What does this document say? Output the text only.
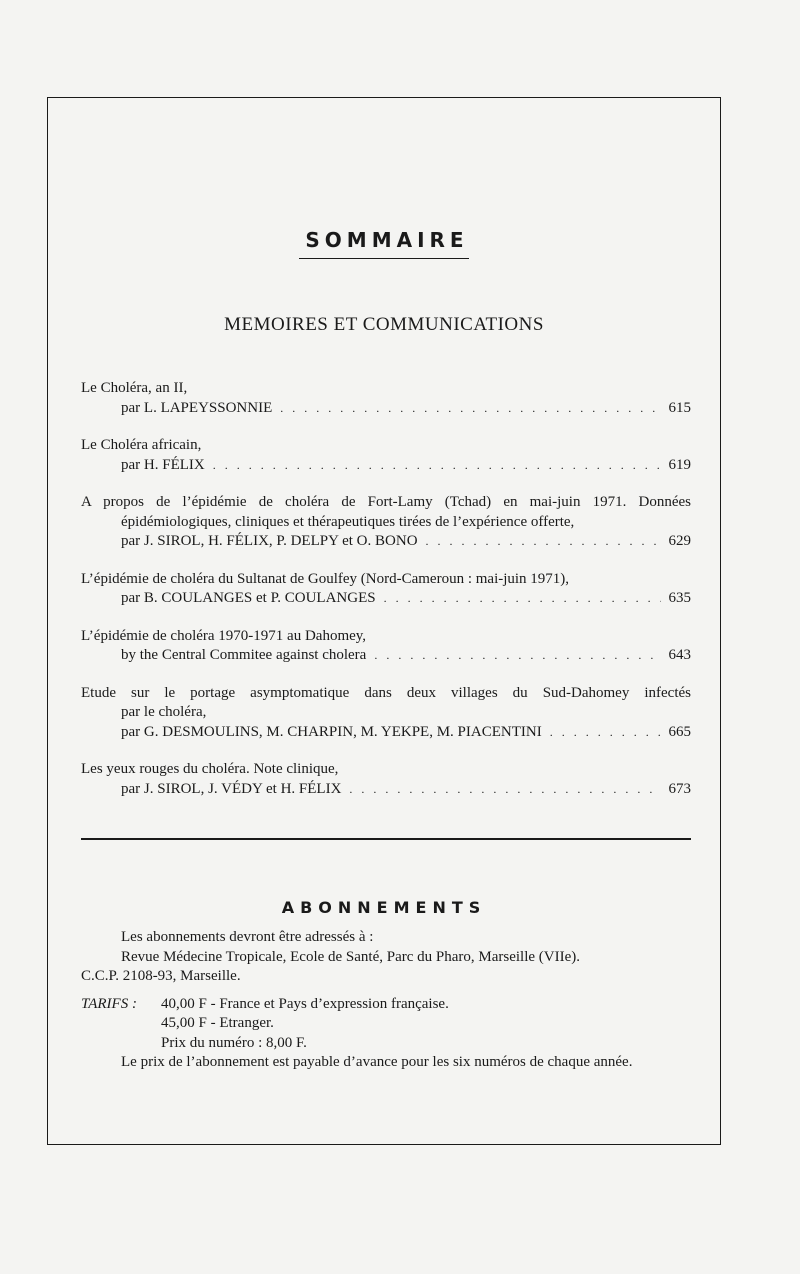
SOMMAIRE
MEMOIRES ET COMMUNICATIONS
Le Choléra, an II,
par L. LAPEYSSONNIE . . .	615
Le Choléra africain,
par H. FÉLIX . . .	619
A propos de l’épidémie de choléra de Fort-Lamy (Tchad) en mai-juin 1971. Données
épidémiologiques, cliniques et thérapeutiques tirées de l’expérience offerte,
par J. SIROL, H. FÉLIX, P. DELPY et O. BONO . . .	629
L’épidémie de choléra du Sultanat de Goulfey (Nord-Cameroun : mai-juin 1971),
par B. COULANGES et P. COULANGES . . .	635
L’épidémie de choléra 1970-1971 au Dahomey,
by the Central Commitee against cholera . . .	643
Etude sur le portage asymptomatique dans deux villages du Sud-Dahomey infectés
par le choléra,
par G. DESMOULINS, M. CHARPIN, M. YEKPE, M. PIACENTINI . . .	665
Les yeux rouges du choléra. Note clinique,
par J. SIROL, J. VÉDY et H. FÉLIX . . .	673
ABONNEMENTS

Les abonnements devront être adressés à :

Revue Médecine Tropicale, Ecole de Santé, Parc du Pharo, Marseille (VIIe).

C.C.P. 2108-93, Marseille.

TARIFS :	40,00 F - France et Pays d’expression française.

45,00 F - Etranger.

Prix du numéro : 8,00 F.

Le prix de l’abonnement est payable d’avance pour les six numéros de chaque année.
